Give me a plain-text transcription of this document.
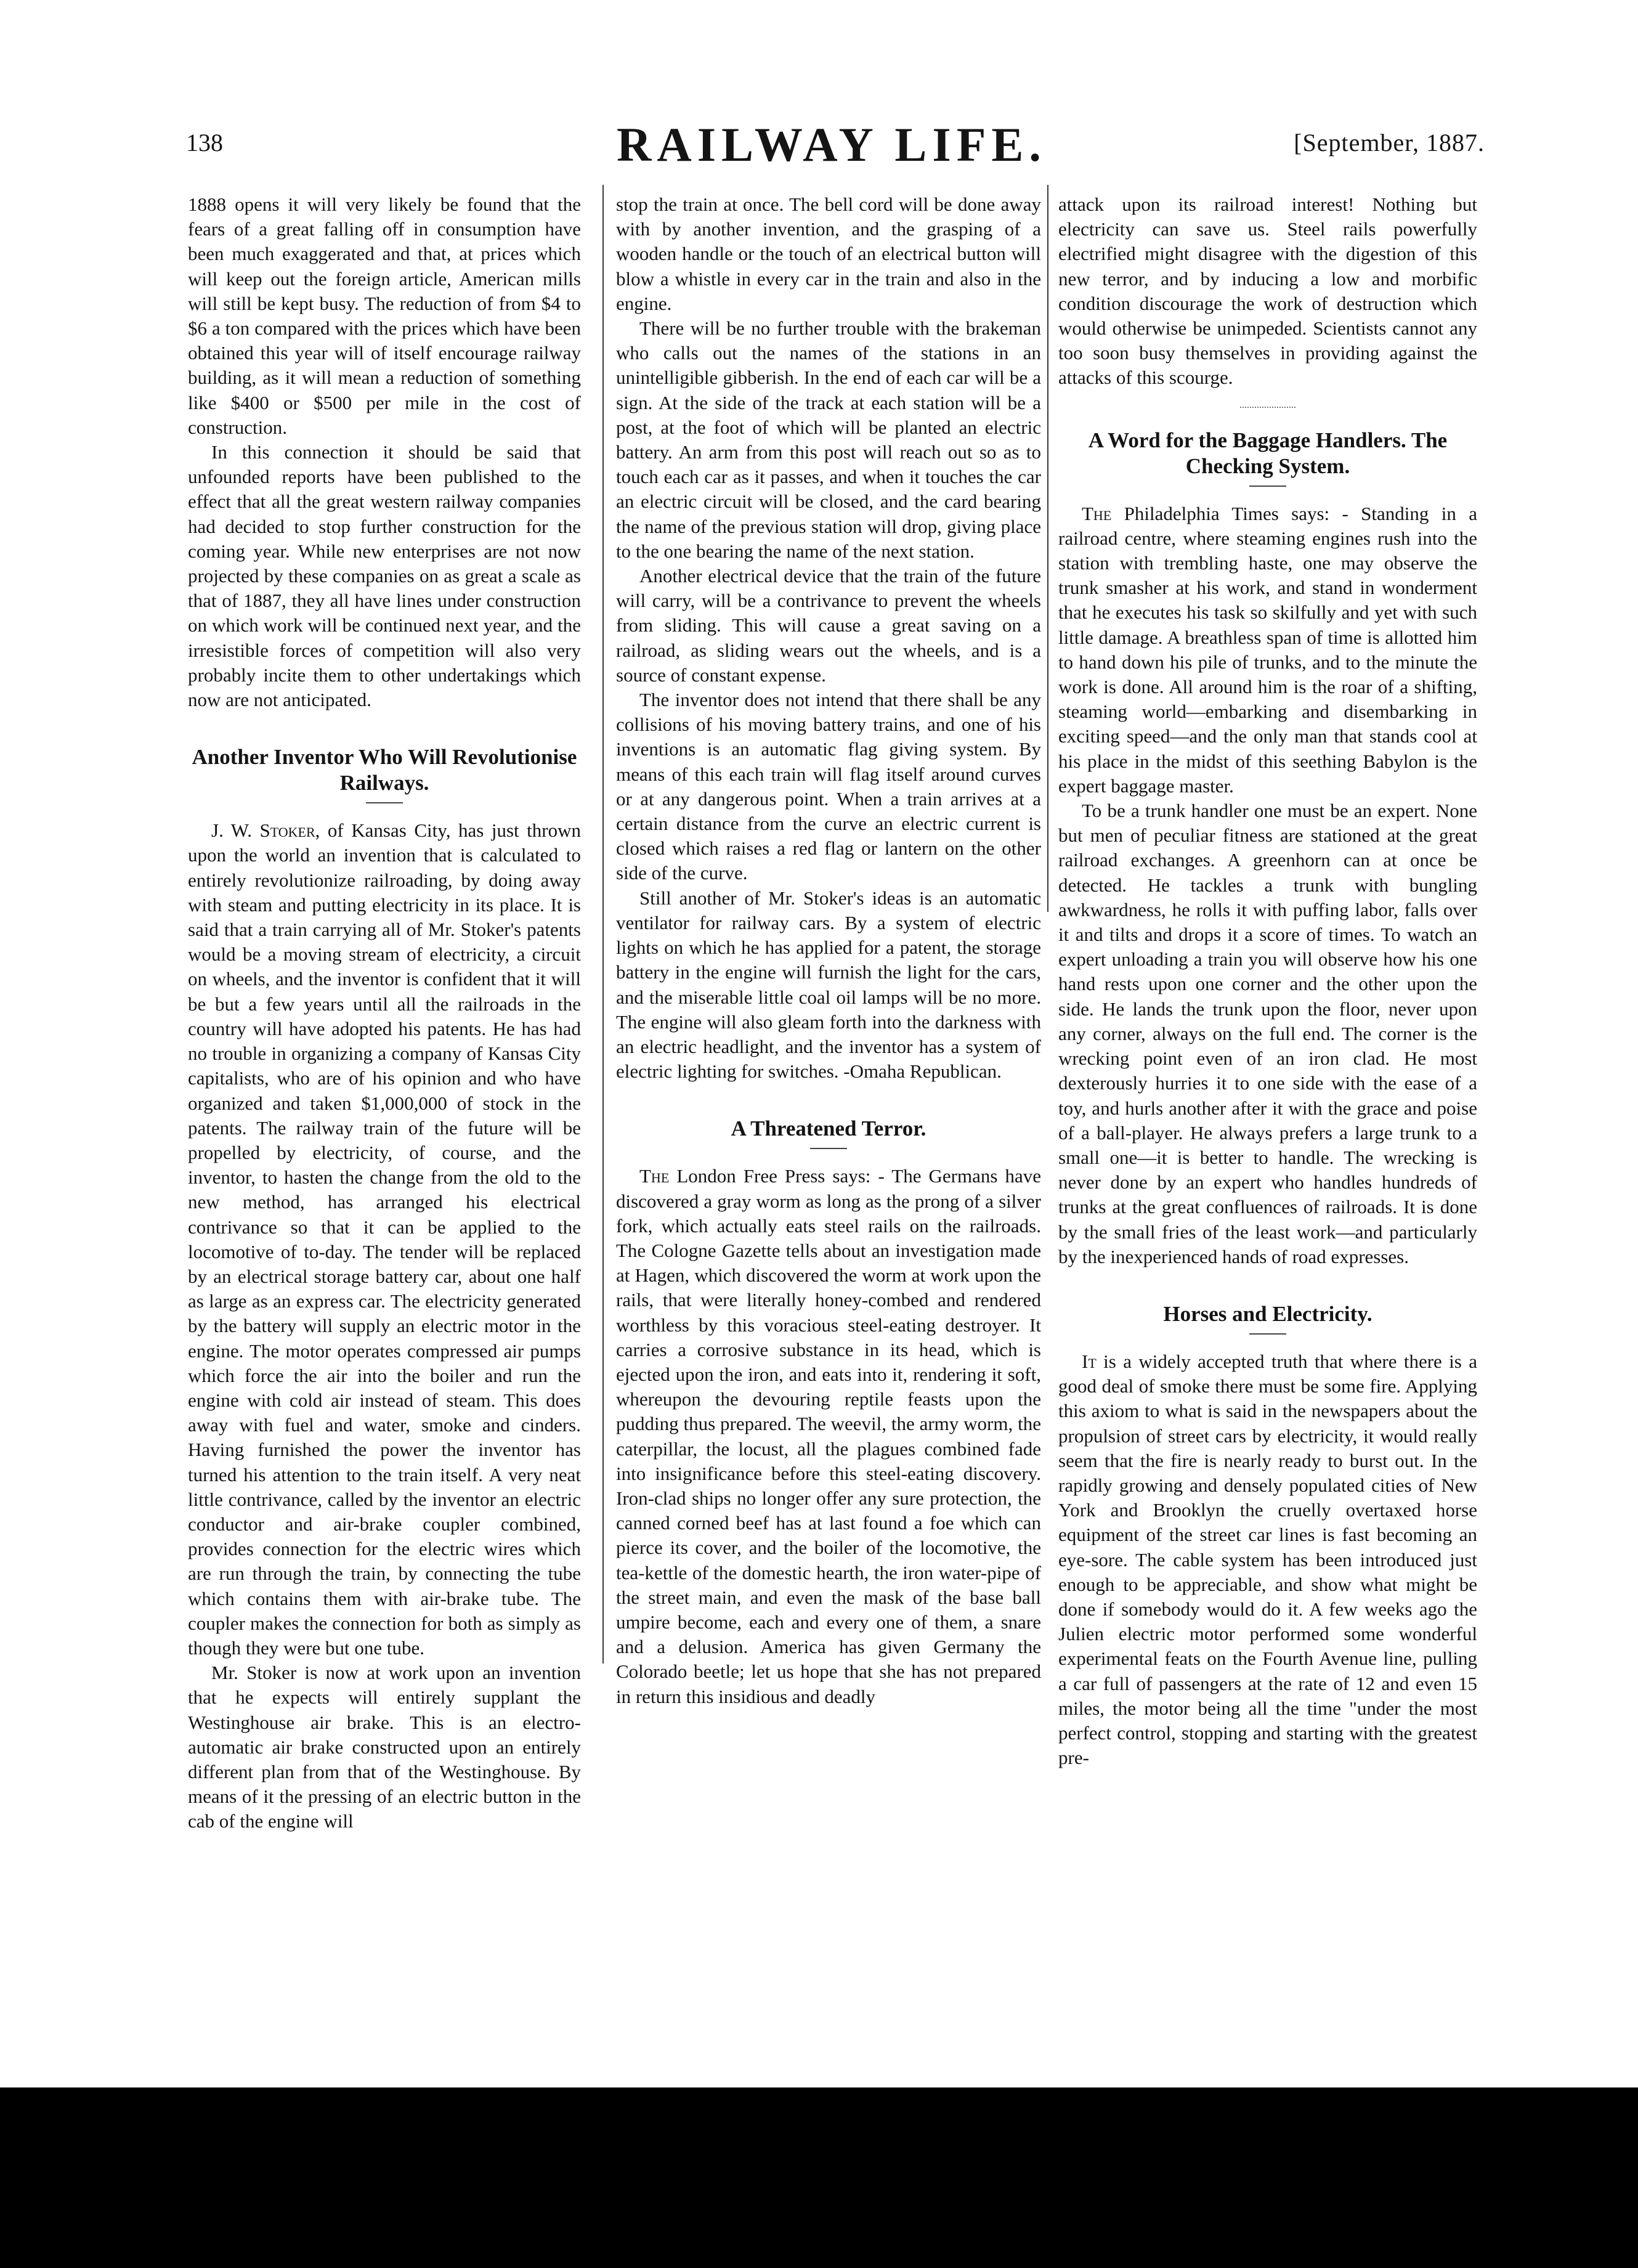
138	RAILWAY LIFE.	[September, 1887.

1888 opens it will very likely be found that the fears of a great falling off in consumption have been much exaggerated and that, at prices which will keep out the foreign article, American mills will still be kept busy. The reduction of from $4 to $6 a ton compared with the prices which have been obtained this year will of itself encourage railway building, as it will mean a reduction of something like $400 or $500 per mile in the cost of construction.

In this connection it should be said that unfounded reports have been published to the effect that all the great western railway companies had decided to stop further construction for the coming year. While new enterprises are not now projected by these companies on as great a scale as that of 1887, they all have lines under construction on which work will be continued next year, and the irresistible forces of competition will also very probably incite them to other undertakings which now are not anticipated.

Another Inventor Who Will Revolutionise Railways.

J. W. Stoker, of Kansas City, has just thrown upon the world an invention that is calculated to entirely revolutionize railroading, by doing away with steam and putting electricity in its place. It is said that a train carrying all of Mr. Stoker's patents would be a moving stream of electricity, a circuit on wheels, and the inventor is confident that it will be but a few years until all the railroads in the country will have adopted his patents. He has had no trouble in organizing a company of Kansas City capitalists, who are of his opinion and who have organized and taken $1,000,000 of stock in the patents. The railway train of the future will be propelled by electricity, of course, and the inventor, to hasten the change from the old to the new method, has arranged his electrical contrivance so that it can be applied to the locomotive of to-day. The tender will be replaced by an electrical storage battery car, about one half as large as an express car. The electricity generated by the battery will supply an electric motor in the engine. The motor operates compressed air pumps which force the air into the boiler and run the engine with cold air instead of steam. This does away with fuel and water, smoke and cinders. Having furnished the power the inventor has turned his attention to the train itself. A very neat little contrivance, called by the inventor an electric conductor and air-brake coupler combined, provides connection for the electric wires which are run through the train, by connecting the tube which contains them with air-brake tube. The coupler makes the connection for both as simply as though they were but one tube.

Mr. Stoker is now at work upon an invention that he expects will entirely supplant the Westinghouse air brake. This is an electro-automatic air brake constructed upon an entirely different plan from that of the Westinghouse. By means of it the pressing of an electric button in the cab of the engine will

stop the train at once. The bell cord will be done away with by another invention, and the grasping of a wooden handle or the touch of an electrical button will blow a whistle in every car in the train and also in the engine.

There will be no further trouble with the brakeman who calls out the names of the stations in an unintelligible gibberish. In the end of each car will be a sign. At the side of the track at each station will be a post, at the foot of which will be planted an electric battery. An arm from this post will reach out so as to touch each car as it passes, and when it touches the car an electric circuit will be closed, and the card bearing the name of the previous station will drop, giving place to the one bearing the name of the next station.

Another electrical device that the train of the future will carry, will be a contrivance to prevent the wheels from sliding. This will cause a great saving on a railroad, as sliding wears out the wheels, and is a source of constant expense.

The inventor does not intend that there shall be any collisions of his moving battery trains, and one of his inventions is an automatic flag giving system. By means of this each train will flag itself around curves or at any dangerous point. When a train arrives at a certain distance from the curve an electric current is closed which raises a red flag or lantern on the other side of the curve.

Still another of Mr. Stoker's ideas is an automatic ventilator for railway cars. By a system of electric lights on which he has applied for a patent, the storage battery in the engine will furnish the light for the cars, and the miserable little coal oil lamps will be no more. The engine will also gleam forth into the darkness with an electric headlight, and the inventor has a system of electric lighting for switches. -Omaha Republican.

A Threatened Terror.

The London Free Press says: - The Germans have discovered a gray worm as long as the prong of a silver fork, which actually eats steel rails on the railroads. The Cologne Gazette tells about an investigation made at Hagen, which discovered the worm at work upon the rails, that were literally honey-combed and rendered worthless by this voracious steel-eating destroyer. It carries a corrosive substance in its head, which is ejected upon the iron, and eats into it, rendering it soft, whereupon the devouring reptile feasts upon the pudding thus prepared. The weevil, the army worm, the caterpillar, the locust, all the plagues combined fade into insignificance before this steel-eating discovery. Iron-clad ships no longer offer any sure protection, the canned corned beef has at last found a foe which can pierce its cover, and the boiler of the locomotive, the tea-kettle of the domestic hearth, the iron water-pipe of the street main, and even the mask of the base ball umpire become, each and every one of them, a snare and a delusion. America has given Germany the Colorado beetle; let us hope that she has not prepared in return this insidious and deadly

attack upon its railroad interest! Nothing but electricity can save us. Steel rails powerfully electrified might disagree with the digestion of this new terror, and by inducing a low and morbific condition discourage the work of destruction which would otherwise be unimpeded. Scientists cannot any too soon busy themselves in providing against the attacks of this scourge.

A Word for the Baggage Handlers. The Checking System.

The Philadelphia Times says: - Standing in a railroad centre, where steaming engines rush into the station with trembling haste, one may observe the trunk smasher at his work, and stand in wonderment that he executes his task so skilfully and yet with such little damage. A breathless span of time is allotted him to hand down his pile of trunks, and to the minute the work is done. All around him is the roar of a shifting, steaming world—embarking and disembarking in exciting speed—and the only man that stands cool at his place in the midst of this seething Babylon is the expert baggage master.

To be a trunk handler one must be an expert. None but men of peculiar fitness are stationed at the great railroad exchanges. A greenhorn can at once be detected. He tackles a trunk with bungling awkwardness, he rolls it with puffing labor, falls over it and tilts and drops it a score of times. To watch an expert unloading a train you will observe how his one hand rests upon one corner and the other upon the side. He lands the trunk upon the floor, never upon any corner, always on the full end. The corner is the wrecking point even of an iron clad. He most dexterously hurries it to one side with the ease of a toy, and hurls another after it with the grace and poise of a ball-player. He always prefers a large trunk to a small one—it is better to handle. The wrecking is never done by an expert who handles hundreds of trunks at the great confluences of railroads. It is done by the small fries of the least work—and particularly by the inexperienced hands of road expresses.

Horses and Electricity.

It is a widely accepted truth that where there is a good deal of smoke there must be some fire. Applying this axiom to what is said in the newspapers about the propulsion of street cars by electricity, it would really seem that the fire is nearly ready to burst out. In the rapidly growing and densely populated cities of New York and Brooklyn the cruelly overtaxed horse equipment of the street car lines is fast becoming an eye-sore. The cable system has been introduced just enough to be appreciable, and show what might be done if somebody would do it. A few weeks ago the Julien electric motor performed some wonderful experimental feats on the Fourth Avenue line, pulling a car full of passengers at the rate of 12 and even 15 miles, the motor being all the time "under the most perfect control, stopping and starting with the greatest pre-
